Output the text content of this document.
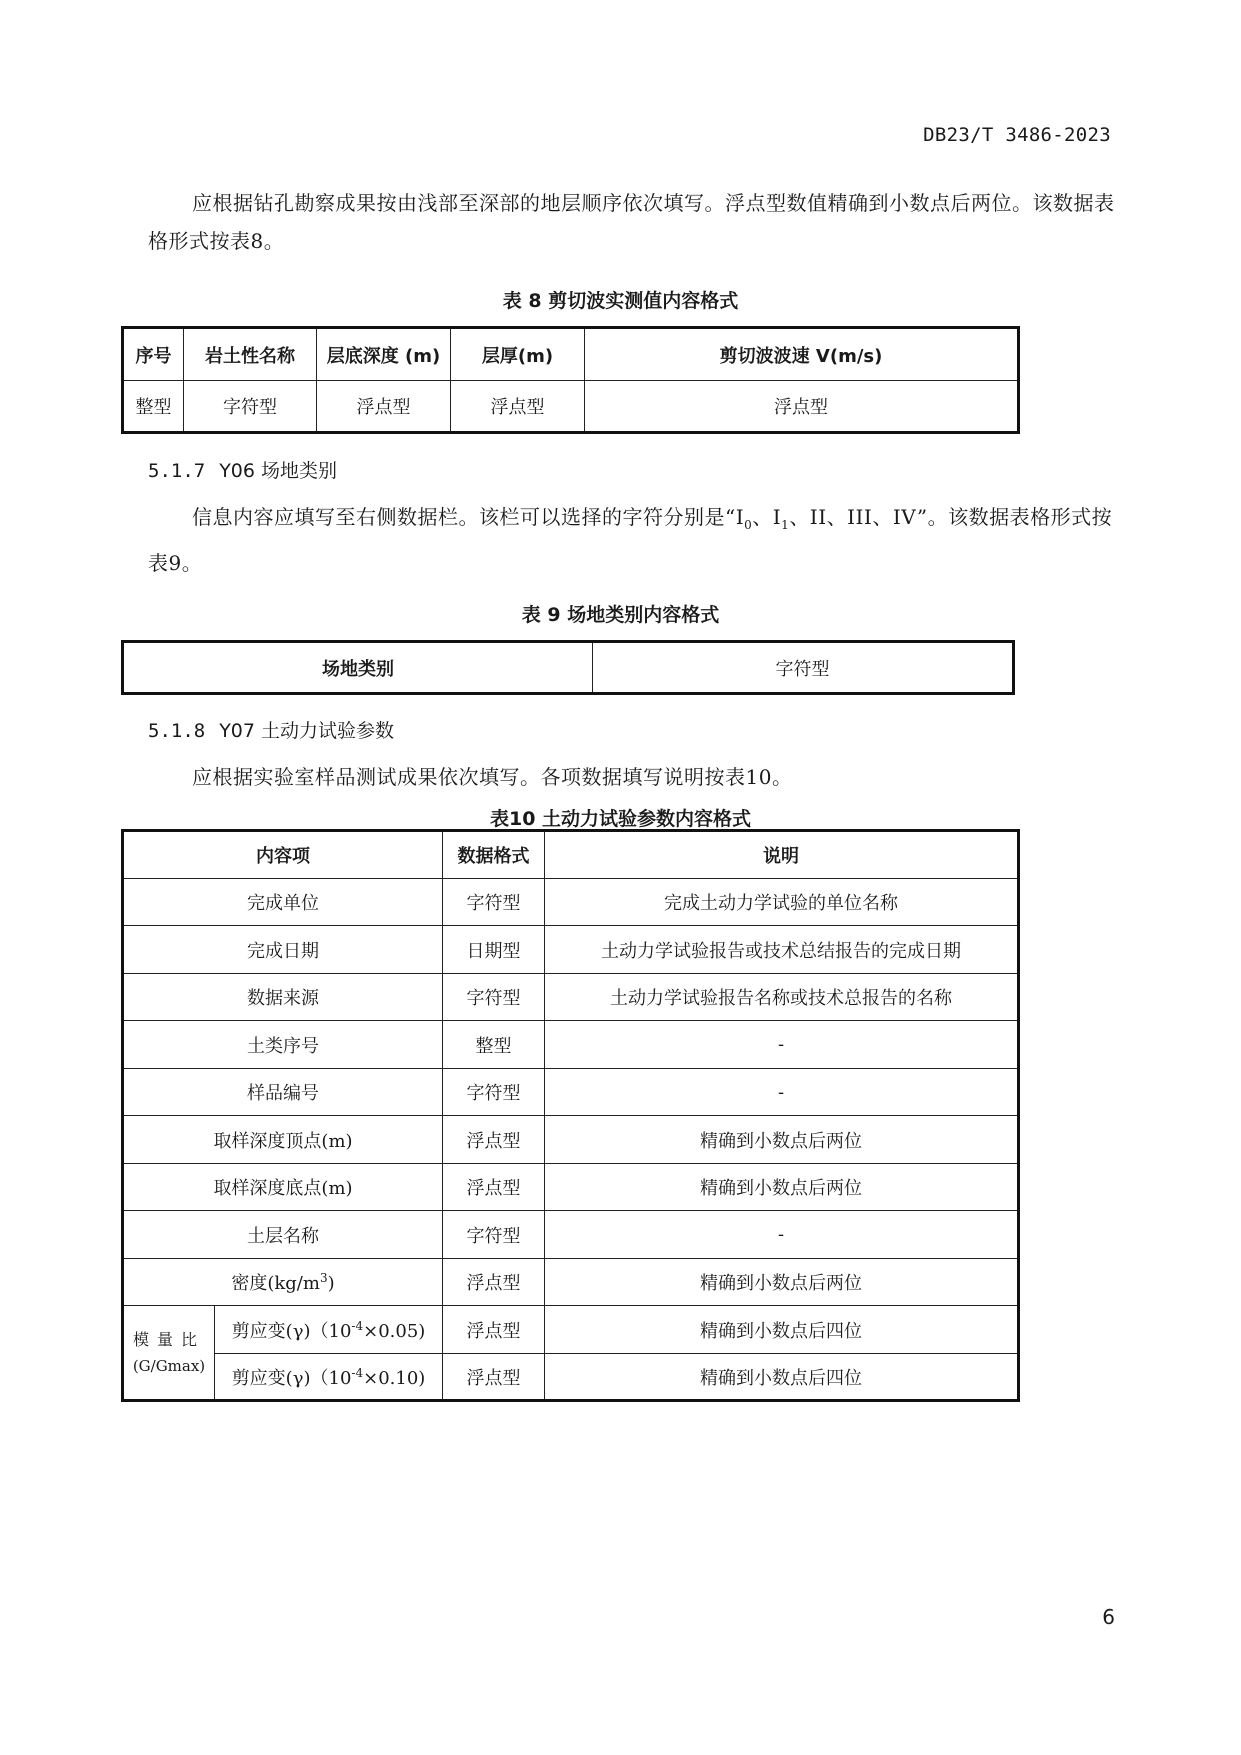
DB23/T 3486-2023
应根据钻孔勘察成果按由浅部至深部的地层顺序依次填写。浮点型数值精确到小数点后两位。该数据表格形式按表8。
表 8 剪切波实测值内容格式
序号	岩土性名称	层底深度 (m)	层厚(m)	剪切波波速 V(m/s)
整型	字符型	浮点型	浮点型	浮点型
5.1.7 Y06 场地类别
信息内容应填写至右侧数据栏。该栏可以选择的字符分别是“$I_0$、$I_1$、II、III、IV”。该数据表格形式按表9。
表 9 场地类别内容格式
场地类别	字符型
5.1.8 Y07 土动力试验参数
应根据实验室样品测试成果依次填写。各项数据填写说明按表10。
表10 土动力试验参数内容格式
内容项		数据格式	说明
完成单位		字符型	完成土动力学试验的单位名称
完成日期		日期型	土动力学试验报告或技术总结报告的完成日期
数据来源		字符型	土动力学试验报告名称或技术总报告的名称
土类序号		整型	-
样品编号		字符型	-
取样深度顶点(m)		浮点型	精确到小数点后两位
取样深度底点(m)		浮点型	精确到小数点后两位
土层名称		字符型	-
密度$(kg/m^3)$		浮点型	精确到小数点后两位

模量比
(G/Gmax)	剪应变$(\gamma)(10^{-4}\times 0.05)$	浮点型	精确到小数点后四位
	剪应变$(\gamma)(10^{-4}\times 0.10)$	浮点型	精确到小数点后四位
6
